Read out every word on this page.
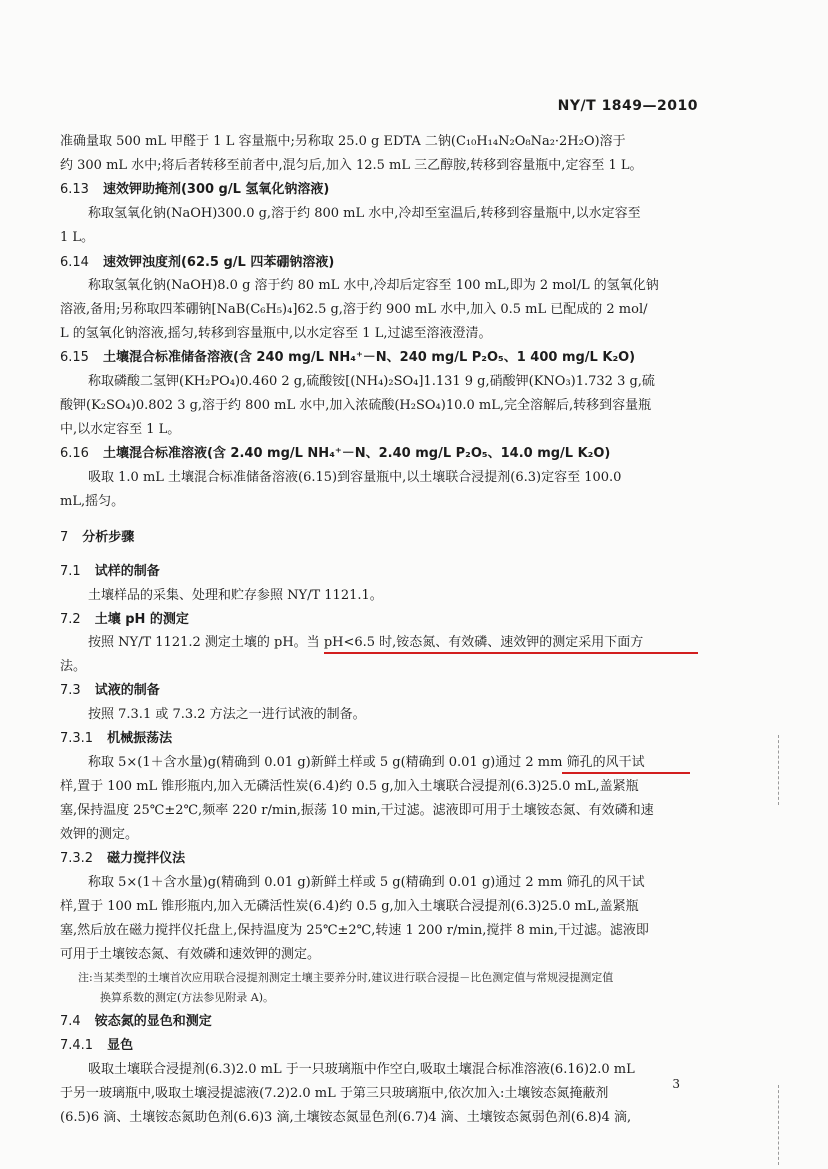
NY/T 1849—2010
准确量取 500 mL 甲醛于 1 L 容量瓶中;另称取 25.0 g EDTA 二钠(C₁₀H₁₄N₂O₈Na₂·2H₂O)溶于
约 300 mL 水中;将后者转移至前者中,混匀后,加入 12.5 mL 三乙醇胺,转移到容量瓶中,定容至 1 L。
6.13 速效钾助掩剂(300 g/L 氢氧化钠溶液)
称取氢氧化钠(NaOH)300.0 g,溶于约 800 mL 水中,冷却至室温后,转移到容量瓶中,以水定容至
1 L。
6.14 速效钾浊度剂(62.5 g/L 四苯硼钠溶液)
称取氢氧化钠(NaOH)8.0 g 溶于约 80 mL 水中,冷却后定容至 100 mL,即为 2 mol/L 的氢氧化钠
溶液,备用;另称取四苯硼钠[NaB(C₆H₅)₄]62.5 g,溶于约 900 mL 水中,加入 0.5 mL 已配成的 2 mol/
L 的氢氧化钠溶液,摇匀,转移到容量瓶中,以水定容至 1 L,过滤至溶液澄清。
6.15 土壤混合标准储备溶液(含 240 mg/L NH₄⁺－N、240 mg/L P₂O₅、1 400 mg/L K₂O)
称取磷酸二氢钾(KH₂PO₄)0.460 2 g,硫酸铵[(NH₄)₂SO₄]1.131 9 g,硝酸钾(KNO₃)1.732 3 g,硫
酸钾(K₂SO₄)0.802 3 g,溶于约 800 mL 水中,加入浓硫酸(H₂SO₄)10.0 mL,完全溶解后,转移到容量瓶
中,以水定容至 1 L。
6.16 土壤混合标准溶液(含 2.40 mg/L NH₄⁺－N、2.40 mg/L P₂O₅、14.0 mg/L K₂O)
吸取 1.0 mL 土壤混合标准储备溶液(6.15)到容量瓶中,以土壤联合浸提剂(6.3)定容至 100.0
mL,摇匀。
7 分析步骤
7.1 试样的制备
土壤样品的采集、处理和贮存参照 NY/T 1121.1。
7.2 土壤 pH 的测定
按照 NY/T 1121.2 测定土壤的 pH。当 pH<6.5 时,铵态氮、有效磷、速效钾的测定采用下面方
法。
7.3 试液的制备
按照 7.3.1 或 7.3.2 方法之一进行试液的制备。
7.3.1 机械振荡法
称取 5×(1＋含水量)g(精确到 0.01 g)新鲜土样或 5 g(精确到 0.01 g)通过 2 mm 筛孔的风干试
样,置于 100 mL 锥形瓶内,加入无磷活性炭(6.4)约 0.5 g,加入土壤联合浸提剂(6.3)25.0 mL,盖紧瓶
塞,保持温度 25℃±2℃,频率 220 r/min,振荡 10 min,干过滤。滤液即可用于土壤铵态氮、有效磷和速
效钾的测定。
7.3.2 磁力搅拌仪法
称取 5×(1＋含水量)g(精确到 0.01 g)新鲜土样或 5 g(精确到 0.01 g)通过 2 mm 筛孔的风干试
样,置于 100 mL 锥形瓶内,加入无磷活性炭(6.4)约 0.5 g,加入土壤联合浸提剂(6.3)25.0 mL,盖紧瓶
塞,然后放在磁力搅拌仪托盘上,保持温度为 25℃±2℃,转速 1 200 r/min,搅拌 8 min,干过滤。滤液即
可用于土壤铵态氮、有效磷和速效钾的测定。
注:当某类型的土壤首次应用联合浸提剂测定土壤主要养分时,建议进行联合浸提－比色测定值与常规浸提测定值
换算系数的测定(方法参见附录 A)。
7.4 铵态氮的显色和测定
7.4.1 显色
吸取土壤联合浸提剂(6.3)2.0 mL 于一只玻璃瓶中作空白,吸取土壤混合标准溶液(6.16)2.0 mL
于另一玻璃瓶中,吸取土壤浸提滤液(7.2)2.0 mL 于第三只玻璃瓶中,依次加入:土壤铵态氮掩蔽剂
(6.5)6 滴、土壤铵态氮助色剂(6.6)3 滴,土壤铵态氮显色剂(6.7)4 滴、土壤铵态氮弱色剂(6.8)4 滴,
3
